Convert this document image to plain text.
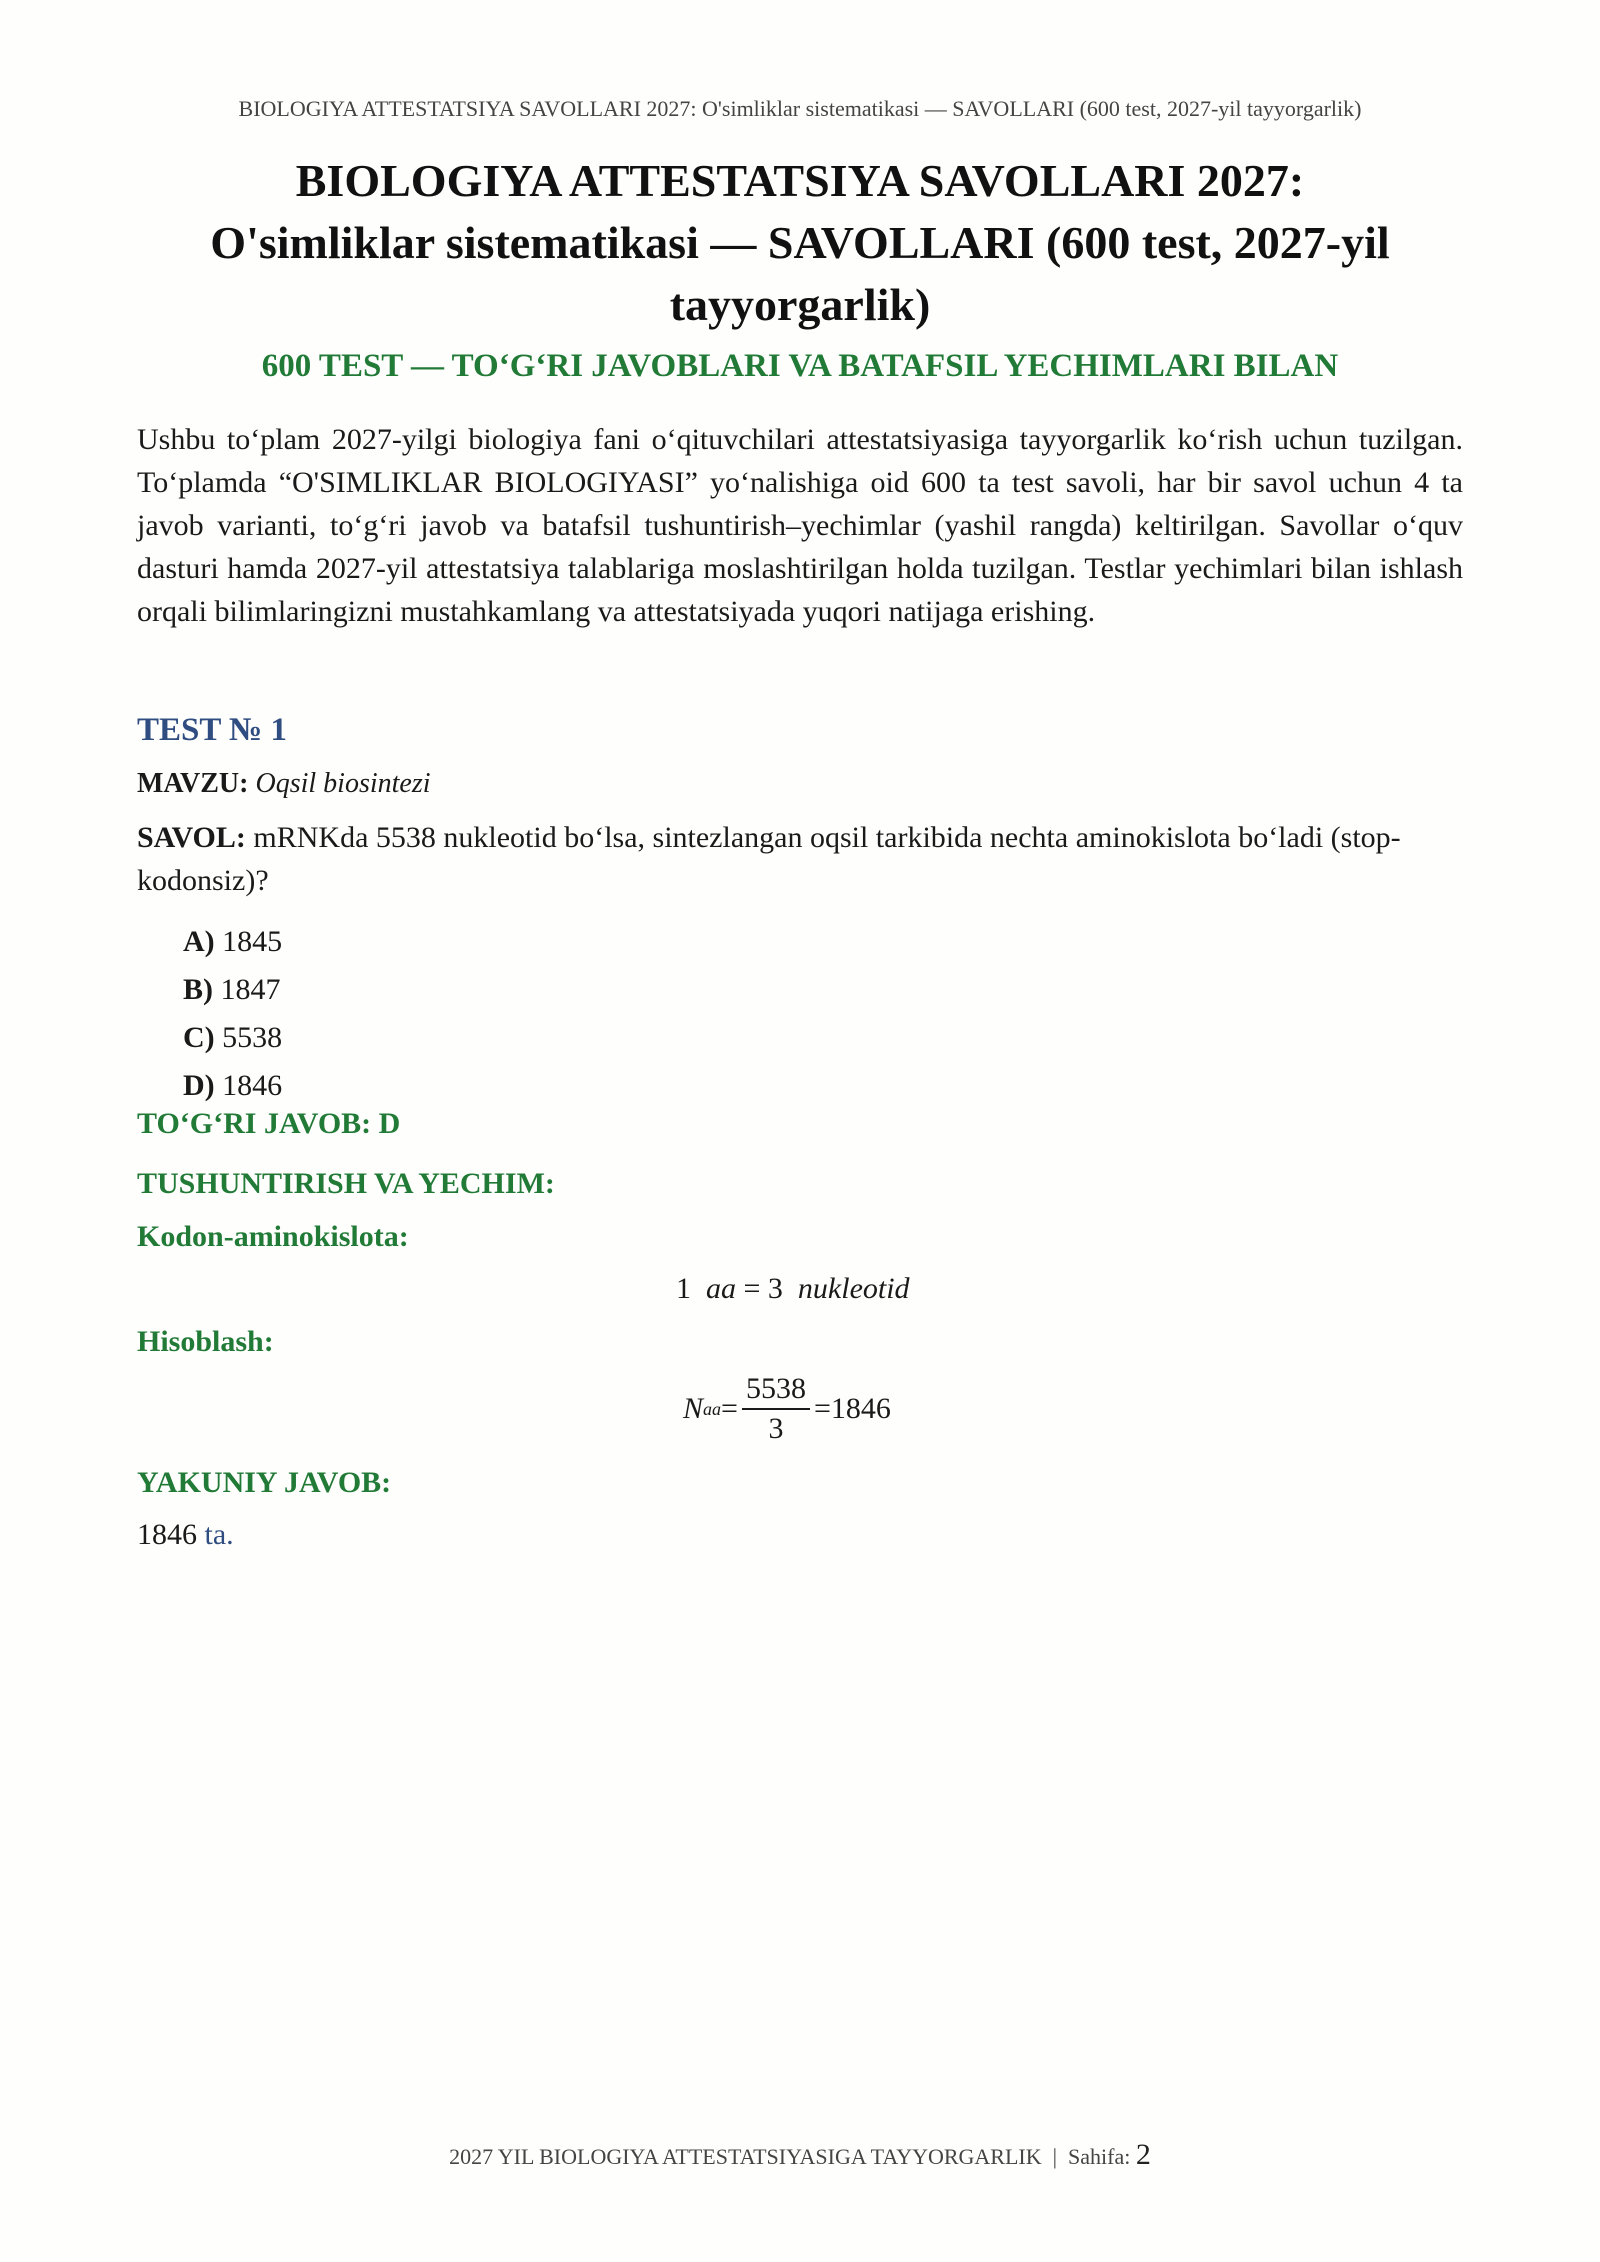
BIOLOGIYA ATTESTATSIYA SAVOLLARI 2027: O'simliklar sistematikasi — SAVOLLARI (600 test, 2027-yil tayyorgarlik)
BIOLOGIYA ATTESTATSIYA SAVOLLARI 2027:
O'simliklar sistematikasi — SAVOLLARI (600 test, 2027-yil
tayyorgarlik)
600 TEST — TO‘G‘RI JAVOBLARI VA BATAFSIL YECHIMLARI BILAN
Ushbu to‘plam 2027-yilgi biologiya fani o‘qituvchilari attestatsiyasiga tayyorgarlik ko‘rish uchun tuzilgan. To‘plamda “O'SIMLIKLAR BIOLOGIYASI” yo‘nalishiga oid 600 ta test savoli, har bir savol uchun 4 ta javob varianti, to‘g‘ri javob va batafsil tushuntirish–yechimlar (yashil rangda) keltirilgan. Savollar o‘quv dasturi hamda 2027-yil attestatsiya talablariga moslashtirilgan holda tuzilgan. Testlar yechimlari bilan ishlash orqali bilimlaringizni mustahkamlang va attestatsiyada yuqori natijaga erishing.
TEST № 1
MAVZU: Oqsil biosintezi
SAVOL: mRNKda 5538 nukleotid bo‘lsa, sintezlangan oqsil tarkibida nechta aminokislota bo‘ladi (stop-kodonsiz)?
A) 1845
B) 1847
C) 5538
D) 1846
TO‘G‘RI JAVOB: D
TUSHUNTIRISH VA YECHIM:
Kodon-aminokislota:
1 aa = 3 nukleotid
Hisoblash:
N aa = $\frac{5538}{3} = 1846$
YAKUNIY JAVOB:
1846 ta.
2027 YIL BIOLOGIYA ATTESTATSIYASIGA TAYYORGARLIK | Sahifa: 2
